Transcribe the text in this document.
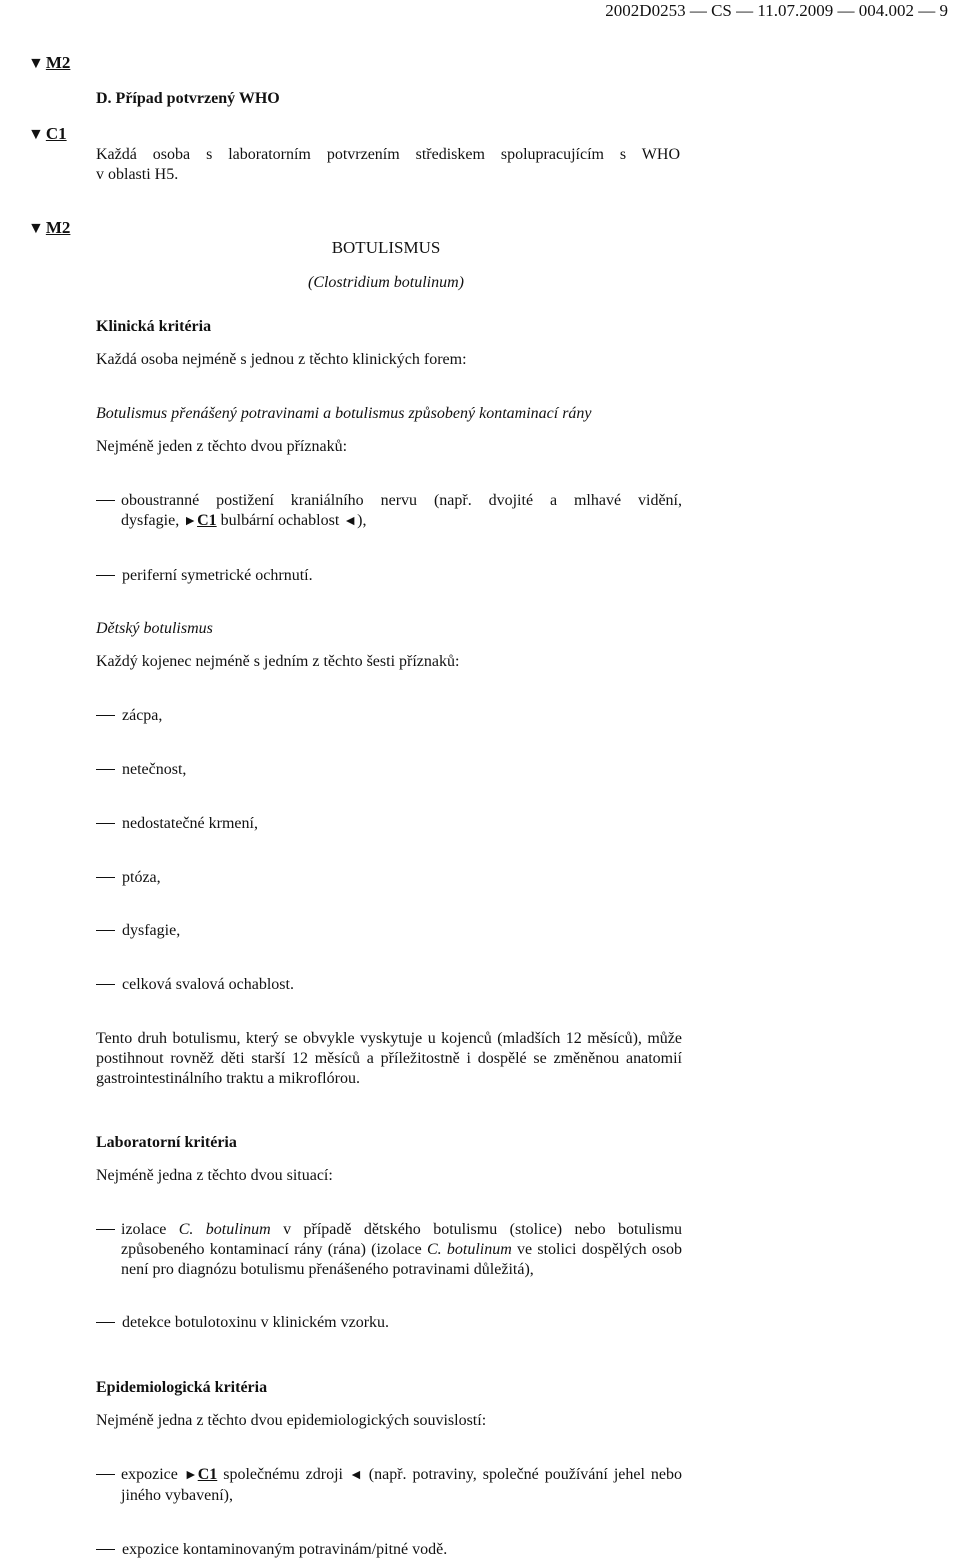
2002D0253 — CS — 11.07.2009 — 004.002 — 9
▼ M2
▼ C1
▼ M2
D. Případ potvrzený WHO
Každá osoba s laboratorním potvrzením střediskem spolupracujícím s WHO
v oblasti H5.
BOTULISMUS
(Clostridium botulinum)
Klinická kritéria
Každá osoba nejméně s jednou z těchto klinických forem:
Botulismus přenášený potravinami a botulismus způsobený kontaminací rány
Nejméně jeden z těchto dvou příznaků:
oboustranné postižení kraniálního nervu (např. dvojité a mlhavé vidění,
dysfagie, ►C1 bulbární ochablost ◄),
periferní symetrické ochrnutí.
Dětský botulismus
Každý kojenec nejméně s jedním z těchto šesti příznaků:
zácpa,
netečnost,
nedostatečné krmení,
ptóza,
dysfagie,
celková svalová ochablost.
Tento druh botulismu, který se obvykle vyskytuje u kojenců (mladších 12 měsíců), může postihnout rovněž děti starší 12 měsíců a příležitostně i dospělé se změněnou anatomií gastrointestinálního traktu a mikroflórou.
Laboratorní kritéria
Nejméně jedna z těchto dvou situací:
izolace C. botulinum v případě dětského botulismu (stolice) nebo botulismu způsobeného kontaminací rány (rána) (izolace C. botulinum ve stolici dospělých osob není pro diagnózu botulismu přenášeného potravinami důležitá),
detekce botulotoxinu v klinickém vzorku.
Epidemiologická kritéria
Nejméně jedna z těchto dvou epidemiologických souvislostí:
expozice ►C1 společnému zdroji ◄ (např. potraviny, společné používání jehel nebo jiného vybavení),
expozice kontaminovaným potravinám/pitné vodě.
